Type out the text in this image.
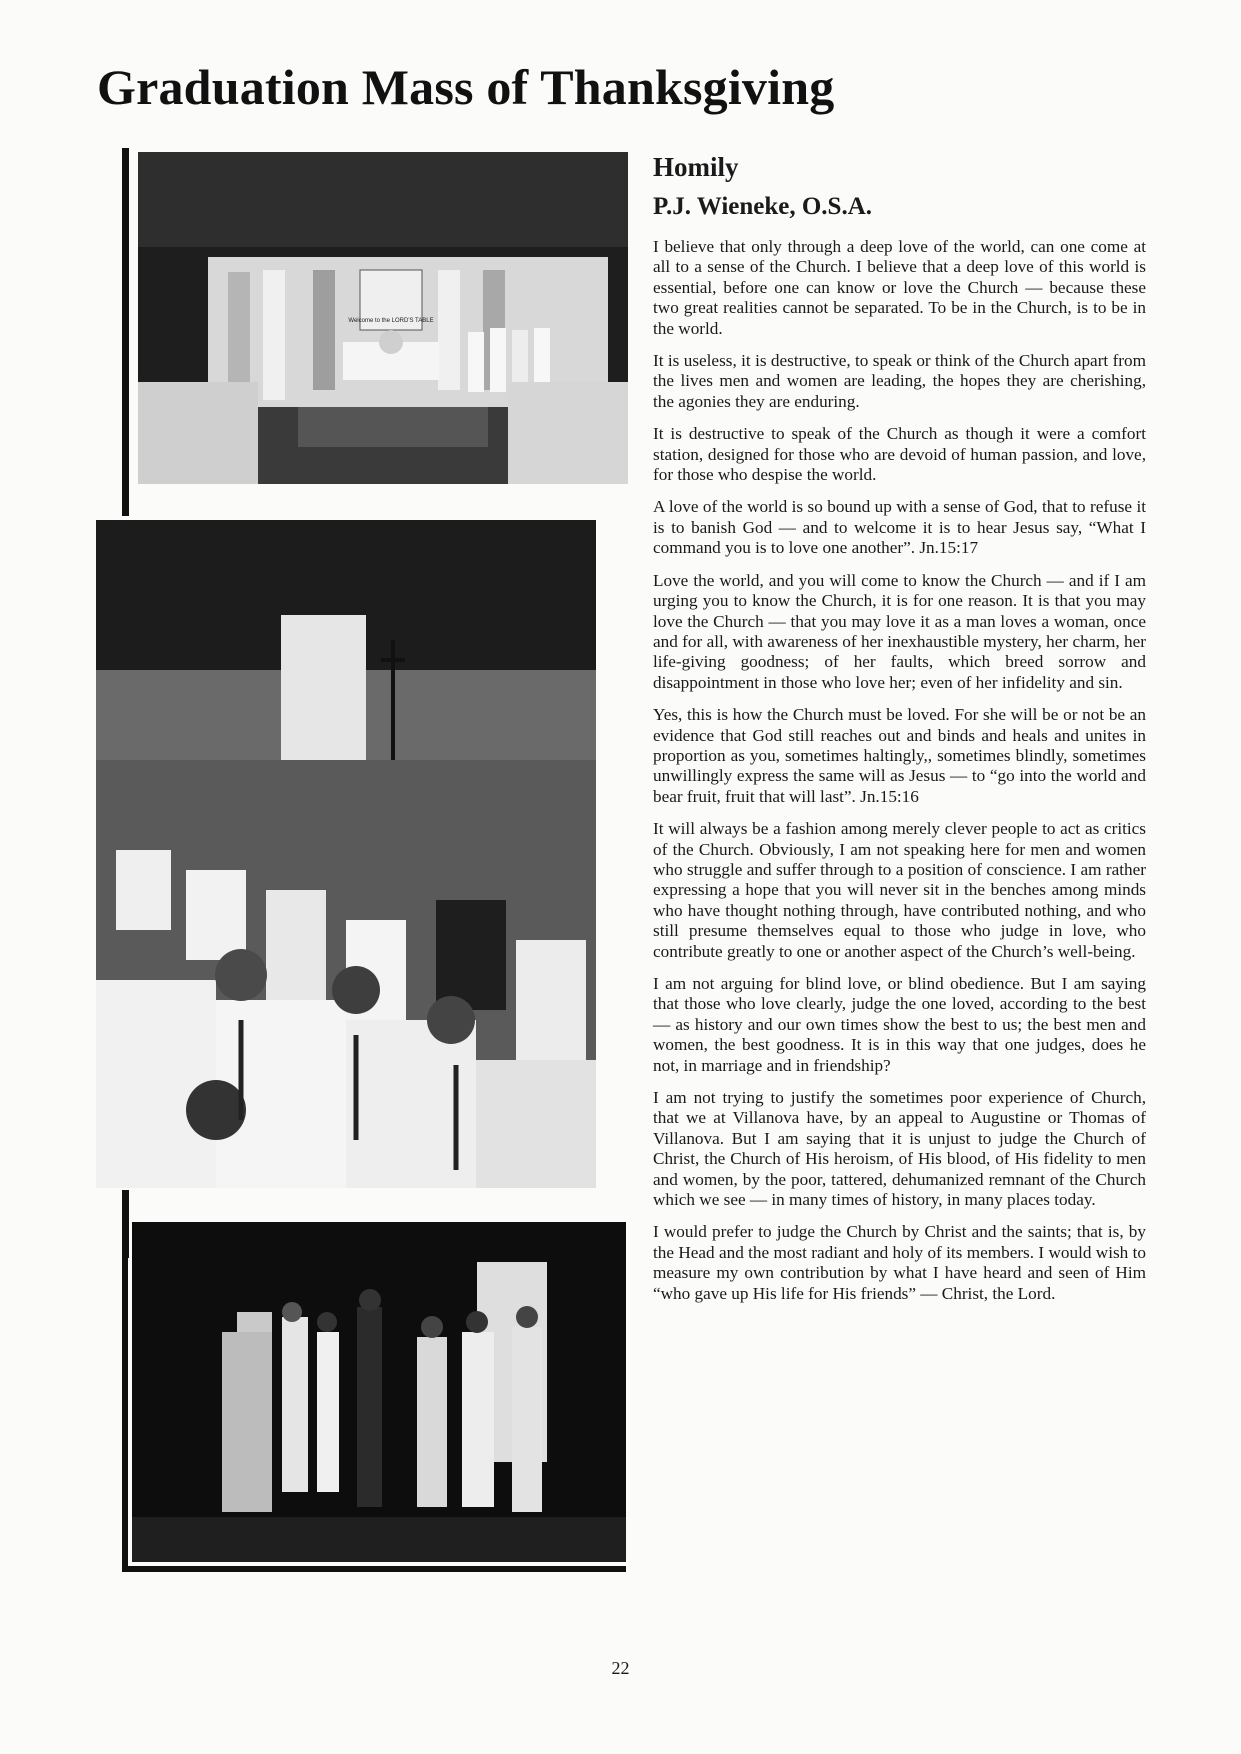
Graduation Mass of Thanksgiving
Welcome to the LORD'S TABLE
Homily
P.J. Wieneke, O.S.A.

I believe that only through a deep love of the world, can one come at all to a sense of the Church. I believe that a deep love of this world is essential, before one can know or love the Church — because these two great realities cannot be separated. To be in the Church, is to be in the world.

It is useless, it is destructive, to speak or think of the Church apart from the lives men and women are leading, the hopes they are cherishing, the agonies they are enduring.

It is destructive to speak of the Church as though it were a comfort station, designed for those who are devoid of human passion, and love, for those who despise the world.

A love of the world is so bound up with a sense of God, that to refuse it is to banish God — and to welcome it is to hear Jesus say, “What I command you is to love one another”. Jn.15:17

Love the world, and you will come to know the Church — and if I am urging you to know the Church, it is for one reason. It is that you may love the Church — that you may love it as a man loves a woman, once and for all, with awareness of her inexhaustible mystery, her charm, her life-giving goodness; of her faults, which breed sorrow and disappointment in those who love her; even of her infidelity and sin.

Yes, this is how the Church must be loved. For she will be or not be an evidence that God still reaches out and binds and heals and unites in proportion as you, sometimes haltingly,, sometimes blindly, sometimes unwillingly express the same will as Jesus — to “go into the world and bear fruit, fruit that will last”. Jn.15:16

It will always be a fashion among merely clever people to act as critics of the Church. Obviously, I am not speaking here for men and women who struggle and suffer through to a position of conscience. I am rather expressing a hope that you will never sit in the benches among minds who have thought nothing through, have contributed nothing, and who still presume themselves equal to those who judge in love, who contribute greatly to one or another aspect of the Church’s well-being.

I am not arguing for blind love, or blind obedience. But I am saying that those who love clearly, judge the one loved, according to the best — as history and our own times show the best to us; the best men and women, the best goodness. It is in this way that one judges, does he not, in marriage and in friendship?

I am not trying to justify the sometimes poor experience of Church, that we at Villanova have, by an appeal to Augustine or Thomas of Villanova. But I am saying that it is unjust to judge the Church of Christ, the Church of His heroism, of His blood, of His fidelity to men and women, by the poor, tattered, dehumanized remnant of the Church which we see — in many times of history, in many places today.

I would prefer to judge the Church by Christ and the saints; that is, by the Head and the most radiant and holy of its members. I would wish to measure my own contribution by what I have heard and seen of Him “who gave up His life for His friends” — Christ, the Lord.

22
